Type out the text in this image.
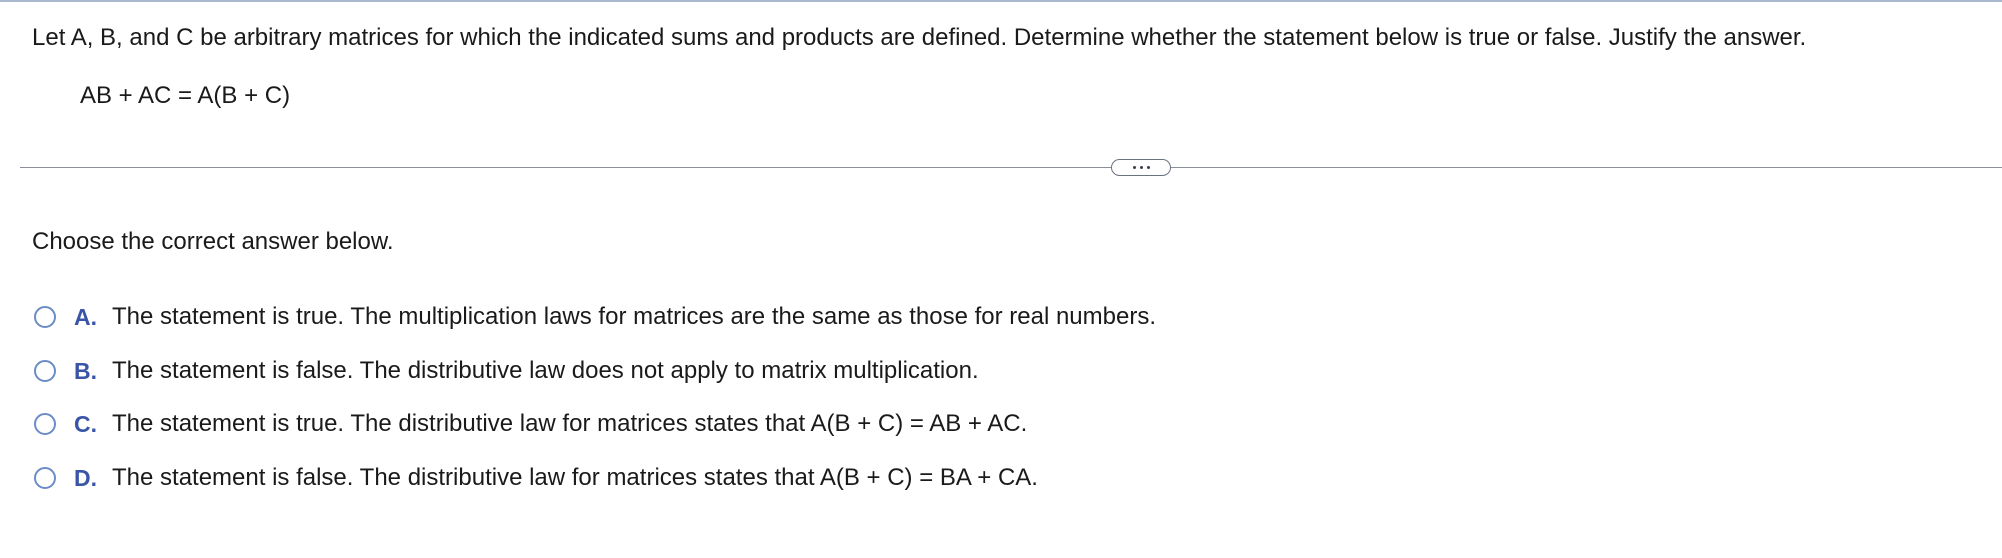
Let A, B, and C be arbitrary matrices for which the indicated sums and products are defined. Determine whether the statement below is true or false. Justify the answer.
AB + AC = A(B + C)
Choose the correct answer below.
A. The statement is true. The multiplication laws for matrices are the same as those for real numbers.
B. The statement is false. The distributive law does not apply to matrix multiplication.
C. The statement is true. The distributive law for matrices states that A(B + C) = AB + AC.
D. The statement is false. The distributive law for matrices states that A(B + C) = BA + CA.
